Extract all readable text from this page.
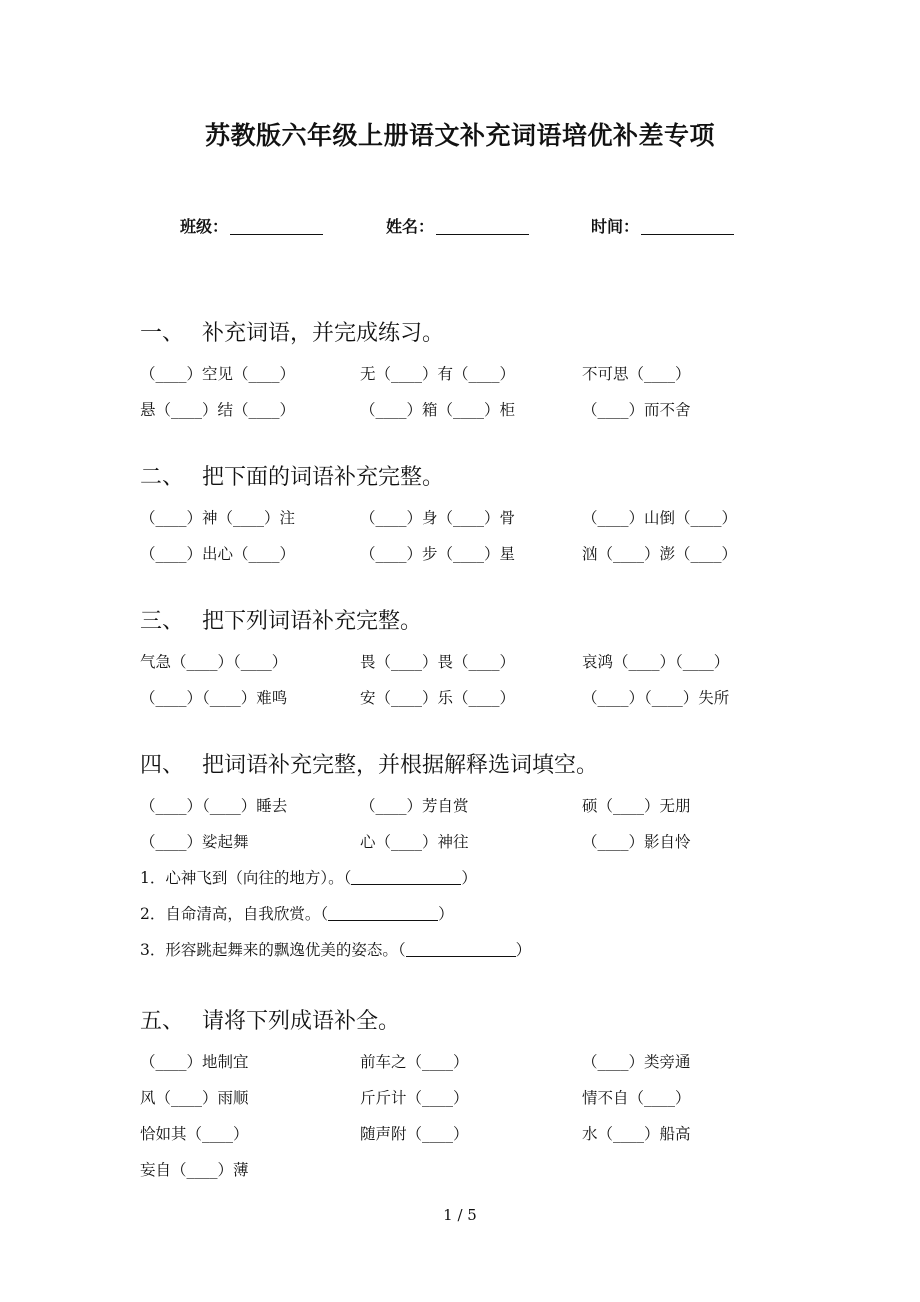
苏教版六年级上册语文补充词语培优补差专项
班级：	姓名：	时间：
一、 补充词语，并完成练习。
（____）空见（____）	无（____）有（____）	不可思（____）
悬（____）结（____）	（____）箱（____）柜	（____）而不舍
二、 把下面的词语补充完整。
（____）神（____）注	（____）身（____）骨	（____）山倒（____）
（____）出心（____）	（____）步（____）星	汹（____）澎（____）
三、 把下列词语补充完整。
气急（____）（____）	畏（____）畏（____）	哀鸿（____）（____）
（____）（____）难鸣	安（____）乐（____）	（____）（____）失所
四、 把词语补充完整，并根据解释选词填空。
（____）（____）睡去	（____）芳自赏	硕（____）无朋
（____）娑起舞	心（____）神往	（____）影自怜
1．心神飞到（向往的地方）。（	）
2．自命清高，自我欣赏。（	）
3．形容跳起舞来的飘逸优美的姿态。（	）
五、 请将下列成语补全。
（____）地制宜	前车之（____）	（____）类旁通
风（____）雨顺	斤斤计（____）	情不自（____）
恰如其（____）	随声附（____）	水（____）船高
妄自（____）薄
1 / 5
